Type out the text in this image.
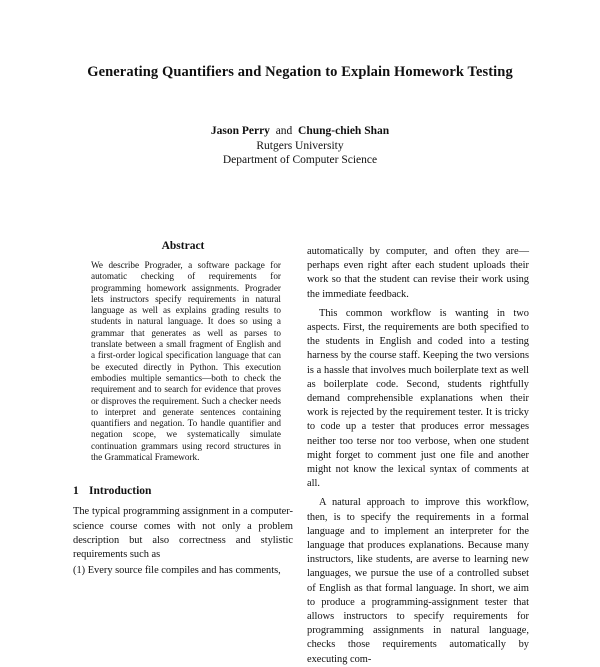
Generating Quantifiers and Negation to Explain Homework Testing
Jason Perry and Chung-chieh Shan
Rutgers University
Department of Computer Science
Abstract

We describe Prograder, a software package for automatic checking of requirements for programming homework assignments. Prograder lets instructors specify requirements in natural language as well as explains grading results to students in natural language. It does so using a grammar that generates as well as parses to translate between a small fragment of English and a first-order logical specification language that can be executed directly in Python. This execution embodies multiple semantics—both to check the requirement and to search for evidence that proves or disproves the requirement. Such a checker needs to interpret and generate sentences containing quantifiers and negation. To handle quantifier and negation scope, we systematically simulate continuation grammars using record structures in the Grammatical Framework.

1 Introduction

The typical programming assignment in a computer-science course comes with not only a problem description but also correctness and stylistic requirements such as

(1) Every source file compiles and has comments,

automatically by computer, and often they are—perhaps even right after each student uploads their work so that the student can revise their work using the immediate feedback.

This common workflow is wanting in two aspects. First, the requirements are both specified to the students in English and coded into a testing harness by the course staff. Keeping the two versions is a hassle that involves much boilerplate text as well as boilerplate code. Second, students rightfully demand comprehensible explanations when their work is rejected by the requirement tester. It is tricky to code up a tester that produces error messages neither too terse nor too verbose, when one student might forget to comment just one file and another might not know the lexical syntax of comments at all.

A natural approach to improve this workflow, then, is to specify the requirements in a formal language and to implement an interpreter for the language that produces explanations. Because many instructors, like students, are averse to learning new languages, we pursue the use of a controlled subset of English as that formal language. In short, we aim to produce a programming-assignment tester that allows instructors to specify requirements for programming assignments in natural language, checks those requirements automatically by executing com-
